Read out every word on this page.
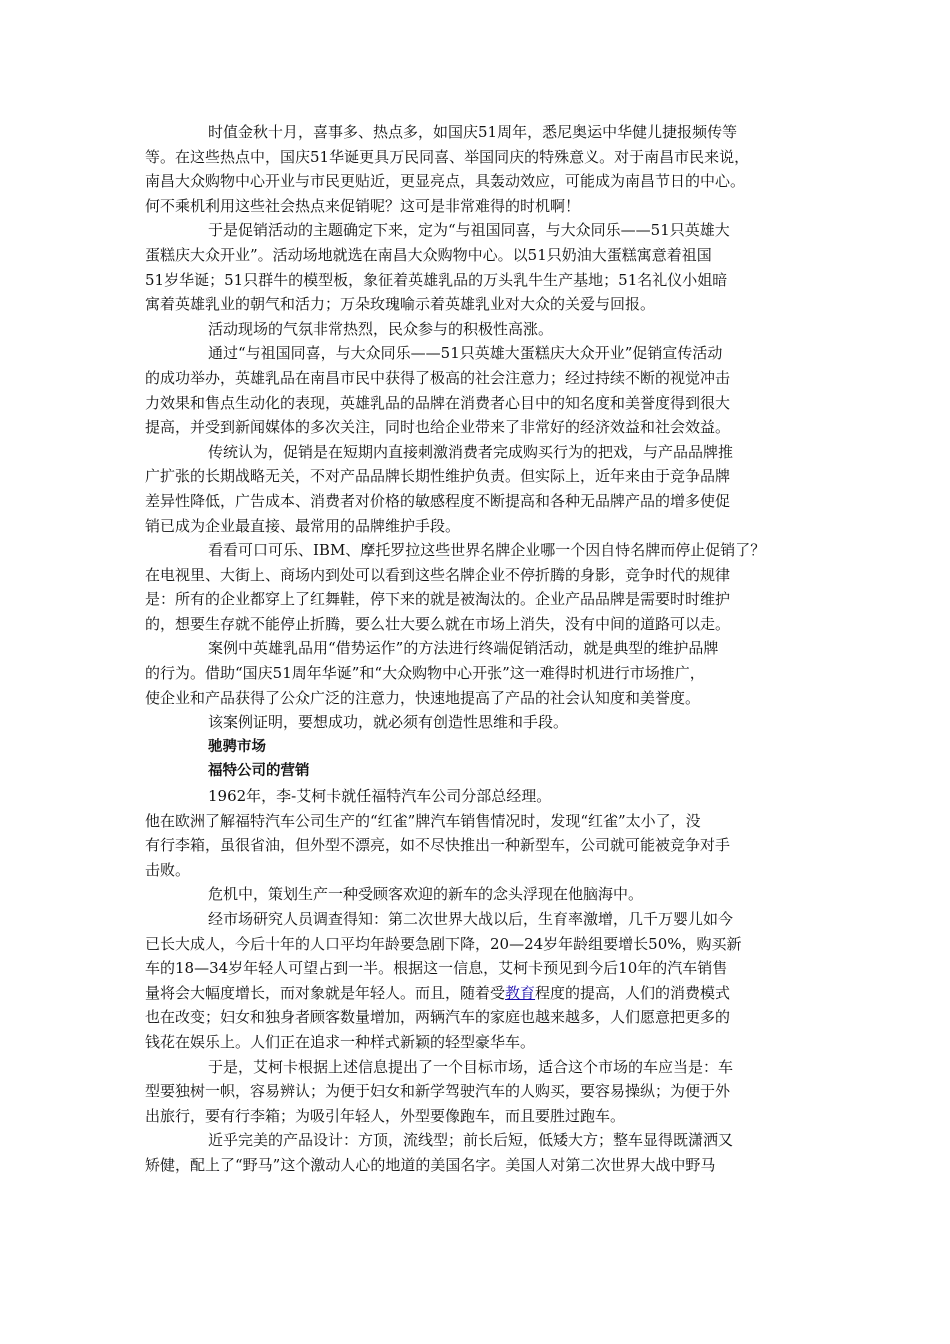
时值金秋十月，喜事多、热点多，如国庆51周年，悉尼奥运中华健儿捷报频传等
等。在这些热点中，国庆51华诞更具万民同喜、举国同庆的特殊意义。对于南昌市民来说，
南昌大众购物中心开业与市民更贴近，更显亮点，具轰动效应，可能成为南昌节日的中心。
何不乘机利用这些社会热点来促销呢？这可是非常难得的时机啊！
于是促销活动的主题确定下来，定为“与祖国同喜，与大众同乐——51只英雄大
蛋糕庆大众开业”。活动场地就选在南昌大众购物中心。以51只奶油大蛋糕寓意着祖国
51岁华诞；51只群牛的模型板，象征着英雄乳品的万头乳牛生产基地；51名礼仪小姐暗
寓着英雄乳业的朝气和活力；万朵玫瑰喻示着英雄乳业对大众的关爱与回报。
活动现场的气氛非常热烈，民众参与的积极性高涨。
通过“与祖国同喜，与大众同乐——51只英雄大蛋糕庆大众开业”促销宣传活动
的成功举办，英雄乳品在南昌市民中获得了极高的社会注意力；经过持续不断的视觉冲击
力效果和售点生动化的表现，英雄乳品的品牌在消费者心目中的知名度和美誉度得到很大
提高，并受到新闻媒体的多次关注，同时也给企业带来了非常好的经济效益和社会效益。
传统认为，促销是在短期内直接刺激消费者完成购买行为的把戏，与产品品牌推
广扩张的长期战略无关，不对产品品牌长期性维护负责。但实际上，近年来由于竞争品牌
差异性降低，广告成本、消费者对价格的敏感程度不断提高和各种无品牌产品的增多使促
销已成为企业最直接、最常用的品牌维护手段。
看看可口可乐、IBM、摩托罗拉这些世界名牌企业哪一个因自恃名牌而停止促销了？
在电视里、大街上、商场内到处可以看到这些名牌企业不停折腾的身影，竞争时代的规律
是：所有的企业都穿上了红舞鞋，停下来的就是被淘汰的。企业产品品牌是需要时时维护
的，想要生存就不能停止折腾，要么壮大要么就在市场上消失，没有中间的道路可以走。
案例中英雄乳品用“借势运作”的方法进行终端促销活动，就是典型的维护品牌
的行为。借助“国庆51周年华诞”和“大众购物中心开张”这一难得时机进行市场推广，
使企业和产品获得了公众广泛的注意力，快速地提高了产品的社会认知度和美誉度。
该案例证明，要想成功，就必须有创造性思维和手段。
驰骋市场
福特公司的营销
1962年，李-艾柯卡就任福特汽车公司分部总经理。
他在欧洲了解福特汽车公司生产的“红雀”牌汽车销售情况时，发现“红雀”太小了，没
有行李箱，虽很省油，但外型不漂亮，如不尽快推出一种新型车，公司就可能被竞争对手
击败。
危机中，策划生产一种受顾客欢迎的新车的念头浮现在他脑海中。
经市场研究人员调查得知：第二次世界大战以后，生育率激增，几千万婴儿如今
已长大成人，今后十年的人口平均年龄要急剧下降，20—24岁年龄组要增长50%，购买新
车的18—34岁年轻人可望占到一半。根据这一信息，艾柯卡预见到今后10年的汽车销售
量将会大幅度增长，而对象就是年轻人。而且，随着受教育程度的提高，人们的消费模式
也在改变；妇女和独身者顾客数量增加，两辆汽车的家庭也越来越多，人们愿意把更多的
钱花在娱乐上。人们正在追求一种样式新颖的轻型豪华车。
于是，艾柯卡根据上述信息提出了一个目标市场，适合这个市场的车应当是：车
型要独树一帜，容易辨认；为便于妇女和新学驾驶汽车的人购买，要容易操纵；为便于外
出旅行，要有行李箱；为吸引年轻人，外型要像跑车，而且要胜过跑车。
近乎完美的产品设计：方顶，流线型；前长后短，低矮大方；整车显得既潇洒又
矫健，配上了“野马”这个激动人心的地道的美国名字。美国人对第二次世界大战中野马
